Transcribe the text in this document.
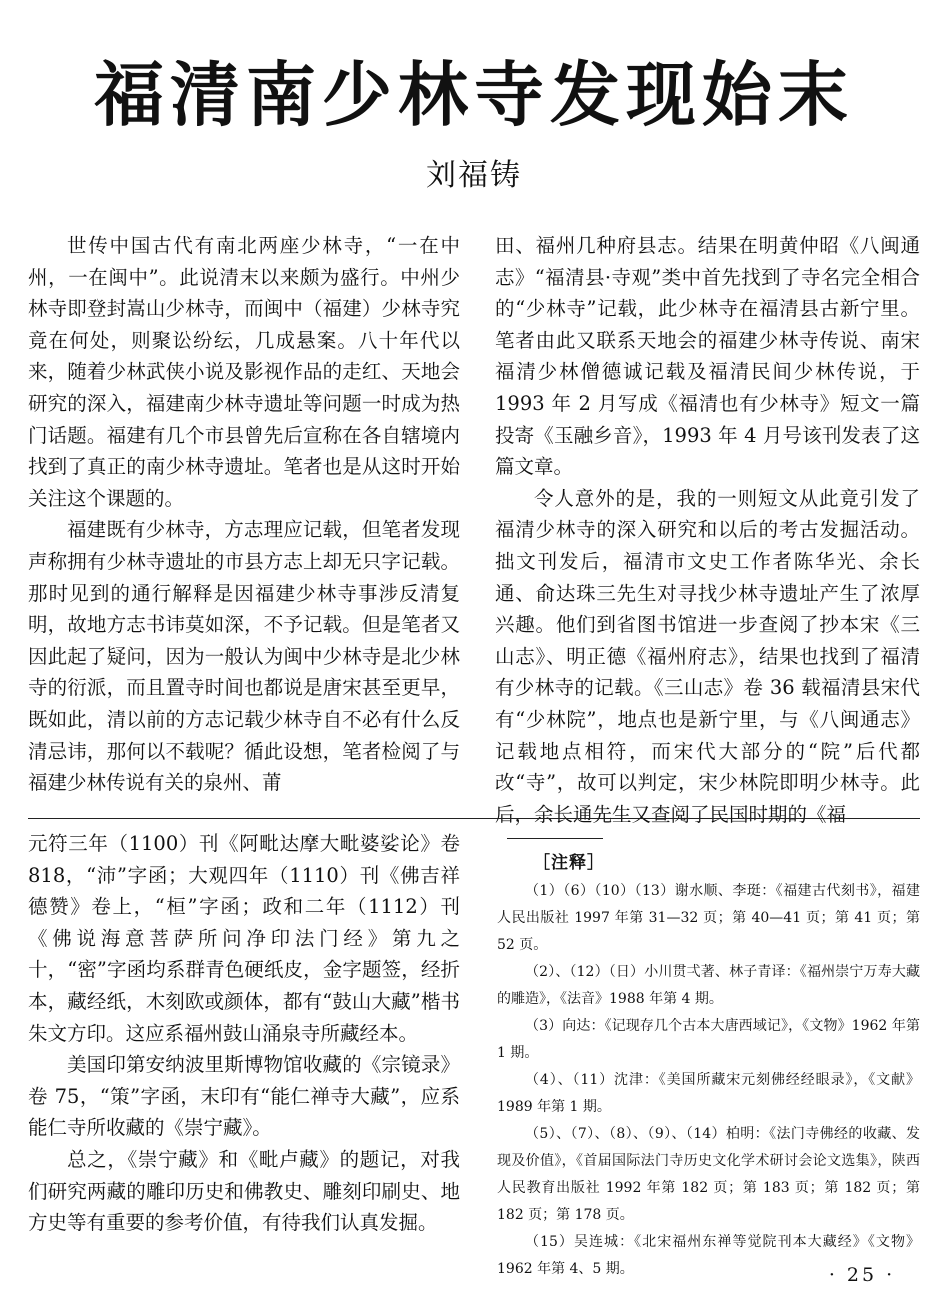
福清南少林寺发现始末
刘福铸

世传中国古代有南北两座少林寺，“一在中州，一在闽中”。此说清末以来颇为盛行。中州少林寺即登封嵩山少林寺，而闽中（福建）少林寺究竟在何处，则聚讼纷纭，几成悬案。八十年代以来，随着少林武侠小说及影视作品的走红、天地会研究的深入，福建南少林寺遗址等问题一时成为热门话题。福建有几个市县曾先后宣称在各自辖境内找到了真正的南少林寺遗址。笔者也是从这时开始关注这个课题的。

福建既有少林寺，方志理应记载，但笔者发现声称拥有少林寺遗址的市县方志上却无只字记载。那时见到的通行解释是因福建少林寺事涉反清复明，故地方志书讳莫如深，不予记载。但是笔者又因此起了疑问，因为一般认为闽中少林寺是北少林寺的衍派，而且置寺时间也都说是唐宋甚至更早，既如此，清以前的方志记载少林寺自不必有什么反清忌讳，那何以不载呢？循此设想，笔者检阅了与福建少林传说有关的泉州、莆

田、福州几种府县志。结果在明黄仲昭《八闽通志》“福清县·寺观”类中首先找到了寺名完全相合的“少林寺”记载，此少林寺在福清县古新宁里。笔者由此又联系天地会的福建少林寺传说、南宋福清少林僧德诚记载及福清民间少林传说，于 1993 年 2 月写成《福清也有少林寺》短文一篇投寄《玉融乡音》，1993 年 4 月号该刊发表了这篇文章。

令人意外的是，我的一则短文从此竟引发了福清少林寺的深入研究和以后的考古发掘活动。拙文刊发后，福清市文史工作者陈华光、余长通、俞达珠三先生对寻找少林寺遗址产生了浓厚兴趣。他们到省图书馆进一步查阅了抄本宋《三山志》、明正德《福州府志》，结果也找到了福清有少林寺的记载。《三山志》卷 36 载福清县宋代有“少林院”，地点也是新宁里，与《八闽通志》记载地点相符，而宋代大部分的“院”后代都改“寺”，故可以判定，宋少林院即明少林寺。此后，余长通先生又查阅了民国时期的《福

元符三年（1100）刊《阿毗达摩大毗婆娑论》卷 818，“沛”字函；大观四年（1110）刊《佛吉祥德赞》卷上，“桓”字函；政和二年（1112）刊《佛说海意菩萨所问净印法门经》第九之十，“密”字函均系群青色硬纸皮，金字题签，经折本，藏经纸，木刻欧或颜体，都有“鼓山大藏”楷书朱文方印。这应系福州鼓山涌泉寺所藏经本。

美国印第安纳波里斯博物馆收藏的《宗镜录》卷 75，“策”字函，末印有“能仁禅寺大藏”，应系能仁寺所收藏的《崇宁藏》。

总之，《崇宁藏》和《毗卢藏》的题记，对我们研究两藏的雕印历史和佛教史、雕刻印刷史、地方史等有重要的参考价值，有待我们认真发掘。

［注释］

（1）（6）（10）（13）谢水顺、李珽：《福建古代刻书》，福建人民出版社 1997 年第 31—32 页；第 40—41 页；第 41 页；第 52 页。

（2）、（12）（日）小川贯弌著、林子青译：《福州崇宁万寿大藏的雕造》，《法音》1988 年第 4 期。

（3）向达：《记现存几个古本大唐西域记》，《文物》1962 年第 1 期。

（4）、（11）沈津：《美国所藏宋元刻佛经经眼录》，《文献》1989 年第 1 期。

（5）、（7）、（8）、（9）、（14）柏明：《法门寺佛经的收藏、发现及价值》，《首届国际法门寺历史文化学术研讨会论文选集》，陕西人民教育出版社 1992 年第 182 页；第 183 页；第 182 页；第 182 页；第 178 页。

（15）吴连城：《北宋福州东禅等觉院刊本大藏经》《文物》1962 年第 4、5 期。	· 25 ·
